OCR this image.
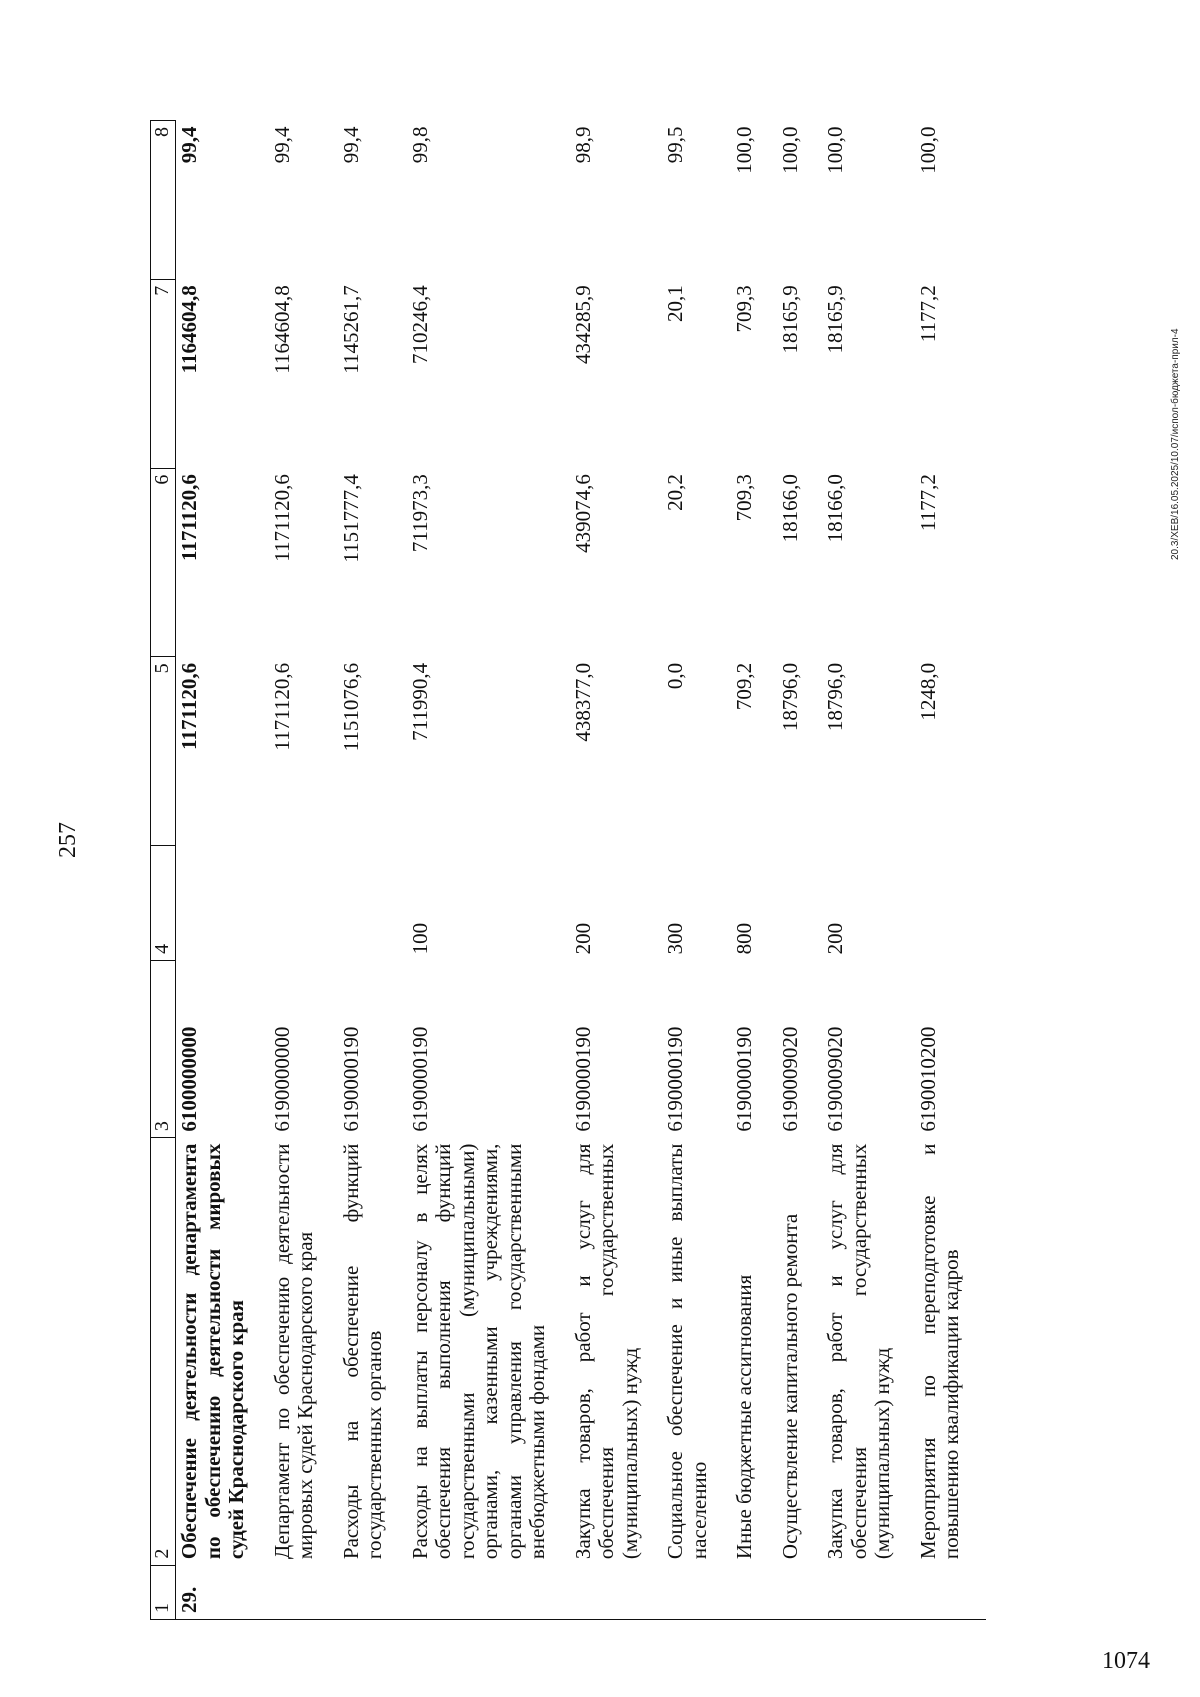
257
1	2	3	4	5	6	7	8
29.	Обеспечение деятельности департамента по обеспечению деятельности мировых судей Краснодарского края	6100000000		1171120,6	1171120,6	1164604,8	99,4
	Департамент по обеспечению деятельности мировых судей Краснодарского края	6190000000		1171120,6	1171120,6	1164604,8	99,4
	Расходы на обеспечение функций государственных органов	6190000190		1151076,6	1151777,4	1145261,7	99,4
	Расходы на выплаты персоналу в целях обеспечения выполнения функций государственными (муниципальными) органами, казенными учреждениями, органами управления государственными внебюджетными фондами	6190000190	100	711990,4	711973,3	710246,4	99,8
	Закупка товаров, работ и услуг для обеспечения государственных (муниципальных) нужд	6190000190	200	438377,0	439074,6	434285,9	98,9
	Социальное обеспечение и иные выплаты населению	6190000190	300	0,0	20,2	20,1	99,5
	Иные бюджетные ассигнования	6190000190	800	709,2	709,3	709,3	100,0
	Осуществление капитального ремонта	6190009020		18796,0	18166,0	18165,9	100,0
	Закупка товаров, работ и услуг для обеспечения государственных (муниципальных) нужд	6190009020	200	18796,0	18166,0	18165,9	100,0
	Мероприятия по переподготовке и повышению квалификации кадров	6190010200		1248,0	1177,2	1177,2	100,0
20.3/XEB/16.05.2025/10.07/испол-бюджета-прил-4
1074
